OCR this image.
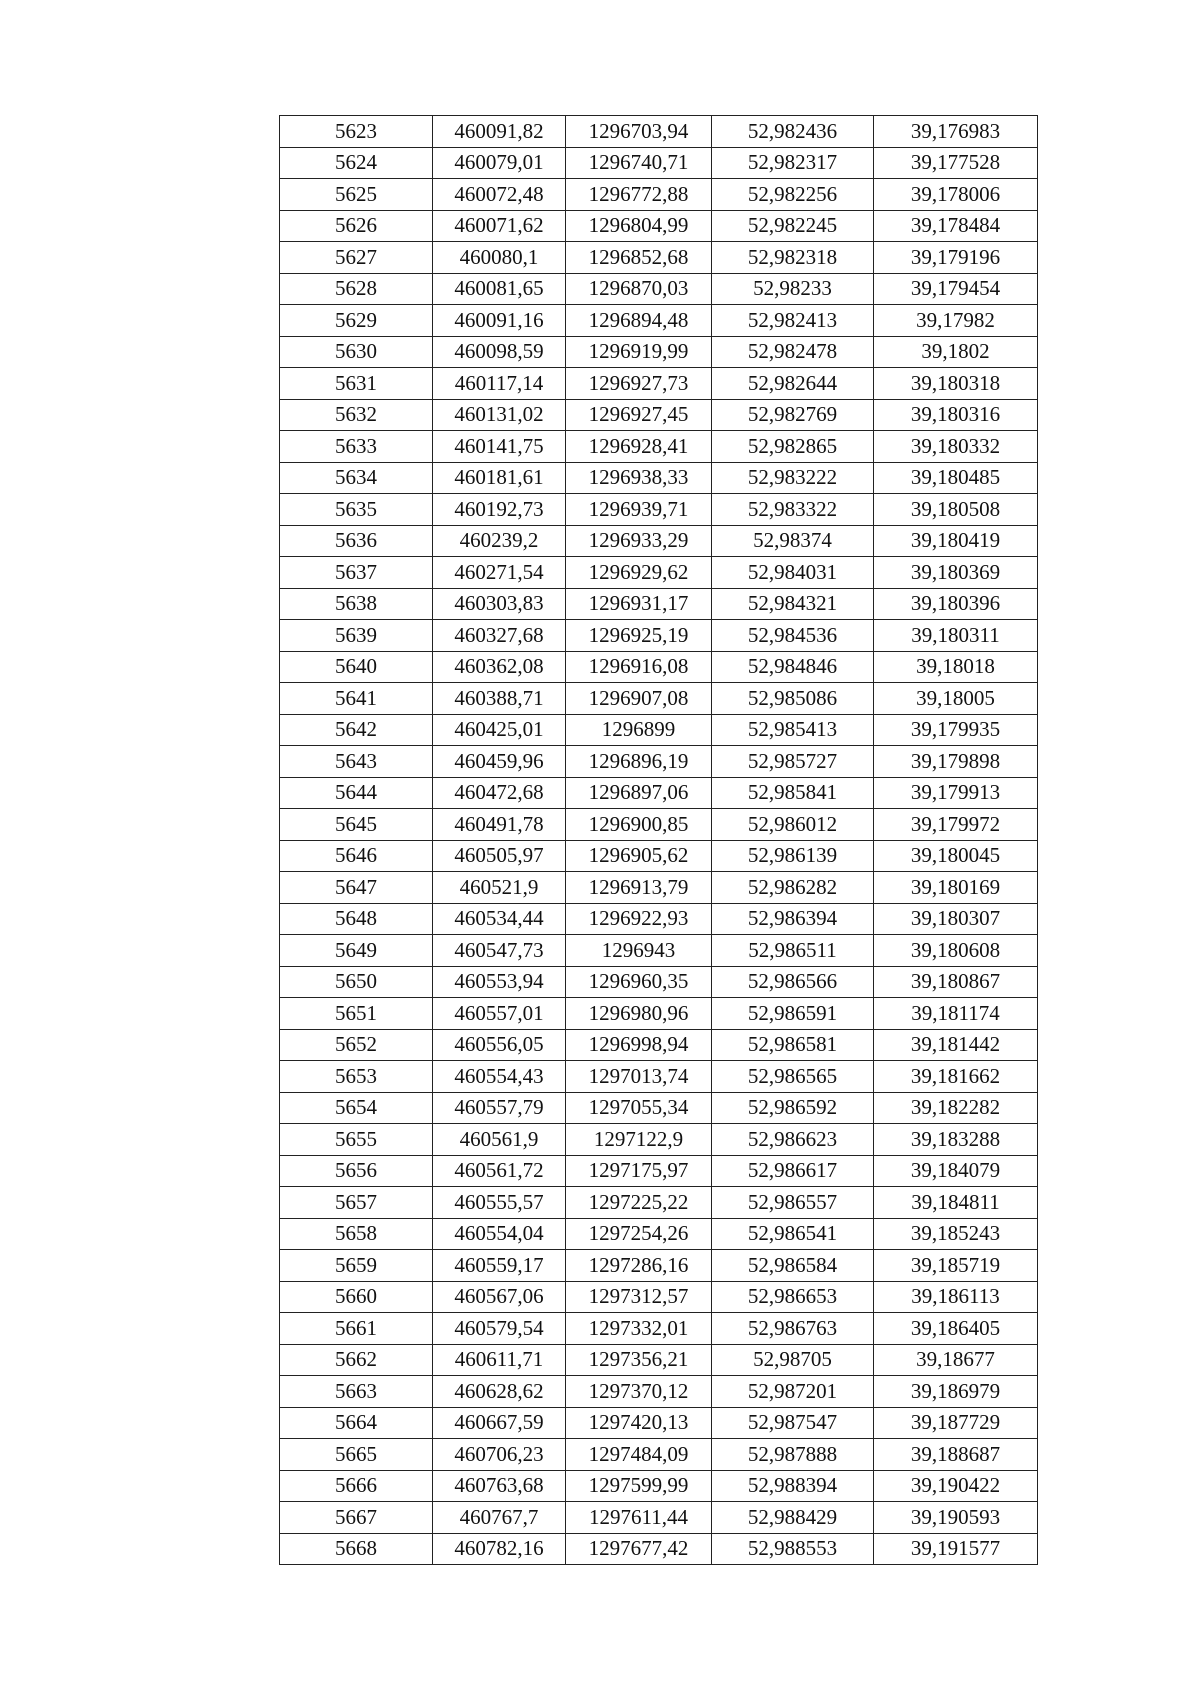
5623	460091,82	1296703,94	52,982436	39,176983
5624	460079,01	1296740,71	52,982317	39,177528
5625	460072,48	1296772,88	52,982256	39,178006
5626	460071,62	1296804,99	52,982245	39,178484
5627	460080,1	1296852,68	52,982318	39,179196
5628	460081,65	1296870,03	52,98233	39,179454
5629	460091,16	1296894,48	52,982413	39,17982
5630	460098,59	1296919,99	52,982478	39,1802
5631	460117,14	1296927,73	52,982644	39,180318
5632	460131,02	1296927,45	52,982769	39,180316
5633	460141,75	1296928,41	52,982865	39,180332
5634	460181,61	1296938,33	52,983222	39,180485
5635	460192,73	1296939,71	52,983322	39,180508
5636	460239,2	1296933,29	52,98374	39,180419
5637	460271,54	1296929,62	52,984031	39,180369
5638	460303,83	1296931,17	52,984321	39,180396
5639	460327,68	1296925,19	52,984536	39,180311
5640	460362,08	1296916,08	52,984846	39,18018
5641	460388,71	1296907,08	52,985086	39,18005
5642	460425,01	1296899	52,985413	39,179935
5643	460459,96	1296896,19	52,985727	39,179898
5644	460472,68	1296897,06	52,985841	39,179913
5645	460491,78	1296900,85	52,986012	39,179972
5646	460505,97	1296905,62	52,986139	39,180045
5647	460521,9	1296913,79	52,986282	39,180169
5648	460534,44	1296922,93	52,986394	39,180307
5649	460547,73	1296943	52,986511	39,180608
5650	460553,94	1296960,35	52,986566	39,180867
5651	460557,01	1296980,96	52,986591	39,181174
5652	460556,05	1296998,94	52,986581	39,181442
5653	460554,43	1297013,74	52,986565	39,181662
5654	460557,79	1297055,34	52,986592	39,182282
5655	460561,9	1297122,9	52,986623	39,183288
5656	460561,72	1297175,97	52,986617	39,184079
5657	460555,57	1297225,22	52,986557	39,184811
5658	460554,04	1297254,26	52,986541	39,185243
5659	460559,17	1297286,16	52,986584	39,185719
5660	460567,06	1297312,57	52,986653	39,186113
5661	460579,54	1297332,01	52,986763	39,186405
5662	460611,71	1297356,21	52,98705	39,18677
5663	460628,62	1297370,12	52,987201	39,186979
5664	460667,59	1297420,13	52,987547	39,187729
5665	460706,23	1297484,09	52,987888	39,188687
5666	460763,68	1297599,99	52,988394	39,190422
5667	460767,7	1297611,44	52,988429	39,190593
5668	460782,16	1297677,42	52,988553	39,191577
